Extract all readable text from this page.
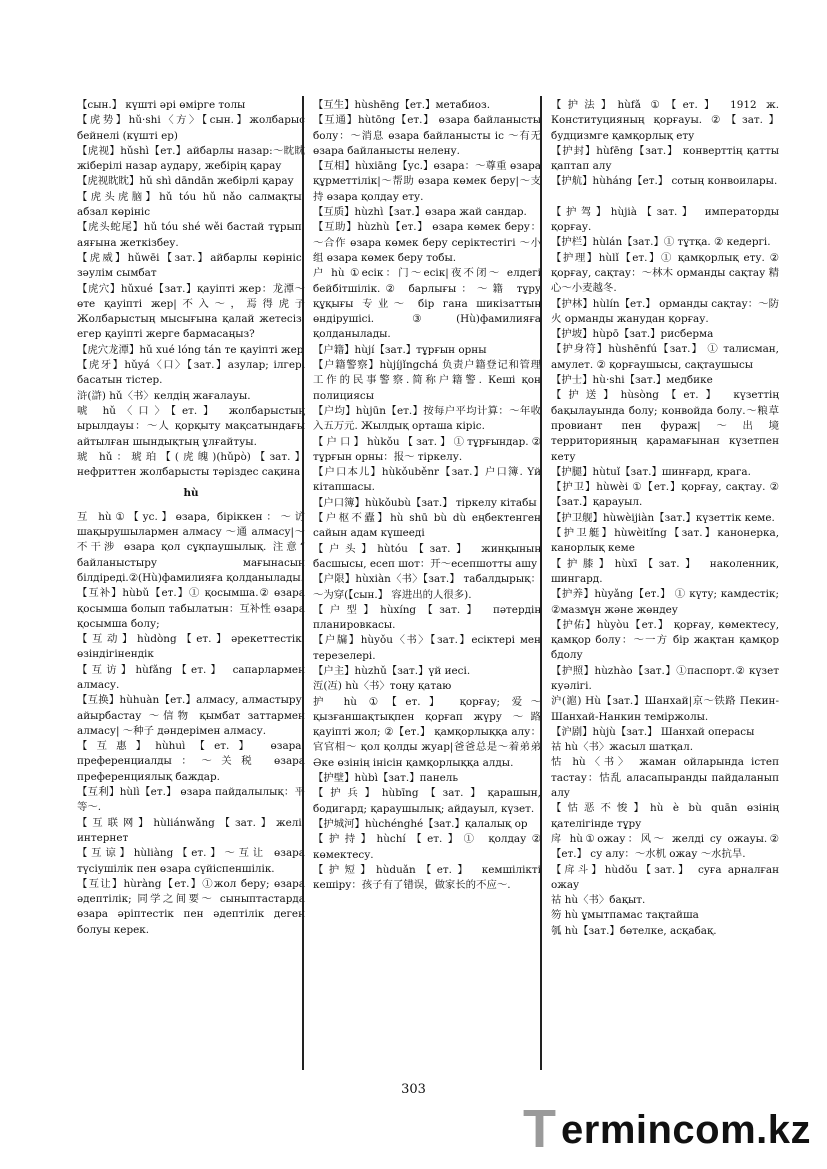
【сын.】 күшті әрі өмірге толы

【虎势】hǔ·shi〈方〉【сын.】жолбарыс бейнелі (күшті ер)

【虎视】hǔshì【ет.】айбарлы назар:～眈眈 жіберілі назар аудару, жебірің қарау

【虎视眈眈】hǔ shì dāndān жебірлі қарау

【虎头虎脑】hǔ tóu hǔ nǎo салмақты, абзал көрініс

【虎头蛇尾】hǔ tóu shé wěi бастай тұрып, аяғына жеткізбеу.

【虎威】hǔwēi【зат.】айбарлы көрініс, зәулім сымбат

【虎穴】hǔxué【зат.】қауіпті жер：龙潭～ өте қауіпті жер|不入～，焉得虎子 Жолбарыстың мысығына қалай жетесіз, егер қауіпті жерге бармасаңыз?

【虎穴龙潭】hǔ xué lóng tán те қауіпті жер

【虎牙】hǔyá〈口〉【зат.】азулар; ілгері басатын тістер.

浒(滸) hǔ〈书〉келдің жағалауы.

唬 hǔ〈口〉【ет.】 жолбарыстың ырылдауы：～人 қорқыту мақсатындағы айтылған шындықтың ұлғайтуы.

琥 hǔ：琥珀【(虎魄)(hǔpò)【зат.】нефриттен жолбарысты тәріздес сақина

hù

互 hù①【ус.】өзара, біріккен：～访 шақырушылармен алмасу ～通 алмасу|～不干涉 өзара қол сұқпаушылық. 注意“ байланыстыру мағынасын білдіреді.②(Hù)фамилияға қолданылады.

【互补】hùbǔ【ет.】① қосымша.② өзара қосымша болып табылатын：互补性 өзара қосымша болу;

【互动】hùdòng【ет.】әрекеттестік, өзіндігінендік

【互访】hùfǎng【ет.】 сапарлармен алмасу.

【互换】hùhuàn【ет.】алмасу, алмастыру, айырбастау ～信物 қымбат заттармен алмасу| ～种子 дәндерімен алмасу.

【互惠】hùhuì【ет.】 өзара; преференциалды：～关税 өзара преференциялық баждар.

【互利】hùlì【ет.】 өзара пайдалылық：平等～.

【互联网】hùliánwǎng【зат.】желі, интернет

【互谅】hùliàng【ет.】～互让 өзара түсіушілік пен өзара сүйіспеншілік.

【互让】hùràng【ет.】①жол беру; өзара әдептілік; 同学之间要～ сыныптастарда өзара әріптестік пен әдептілік деген болуы керек.

【互生】hùshēng【ет.】метабиоз.

【互通】hùtōng【ет.】 өзара байланысты болу：～消息 өзара байланысты іс ～有无 өзара байланысты нелену.

【互相】hùxiāng【ус.】өзара：～尊重 өзара құрметтілік|～帮助 өзара көмек беру|～支持 өзара қолдау ету.

【互质】hùzhì【зат.】өзара жай сандар.

【互助】hùzhù【ет.】 өзара көмек беру：～合作 өзара көмек беру серіктестігі ～小组 өзара көмек беру тобы.

户 hù ①есік：门～есік|夜不闭～ елдегі бейбітшілік.② барлығы：～籍 тұру құқығы 专业～ бір гана шикізаттың өндірушісі. ③(Hù)фамилияға қолданылады.

【户籍】hùjí【зат.】тұрғын орны

【户籍警察】hùjíjǐngchá 负责户籍登记和管理工作的民事警察.简称户籍警. Кеші қон полициясы

【户均】hùjūn【ет.】按每户平均计算：～年收入五万元. Жылдық орташа кіріс.

【户口】hùkǒu【зат.】①тұрғындар.② тұрғын орны：报～ тіркелу.

【户口本儿】hùkǒuběnr【зат.】户口簿. Үй кітапшасы.

【户口簿】hùkǒubù【зат.】 тіркелу кітабы

【户枢不蠹】hù shū bù dù еңбектенген сайын адам күшееді

【户头】hùtóu【зат.】 жинқының басшысы, есеп шот：开～есепшотты ашу

【户限】hùxiàn〈书〉【зат.】 табалдырық：～为穿(【сын.】 容进出的人很多).

【户型】hùxíng【зат.】 пәтердің планировкасы.

【户牖】hùyǒu〈书〉【зат.】есіктері мен терезелері.

【户主】hùzhǔ【зат.】үй иесі.

沍(冱) hù〈书〉тоңу қатаю

护 hù ①【ет.】 қорғау; 爱～ қызғаншақтықпен қорғап жүру ～路 қауіпті жол; ②【ет.】 қамқорлыққа алу：官官相～ қол қолды жуар|爸爸总是～着弟弟 Әке өзінің інісін қамқорлыққа алды.

【护壁】hùbì【зат.】панель

【护兵】hùbīng【зат.】қарашын, бодигард; қараушылық; айдауыл, күзет.

【护城河】hùchénghé【зат.】қалалық ор

【护持】hùchí【ет.】① қолдау② көмектесу.

【护短】hùduǎn【ет.】 кемшілікті кешіру：孩子有了错误，做家长的不应～.

【护法】hùfǎ ①【ет.】 1912 ж. Конституцияның қорғауы. ②【зат.】будцизмге қамқорлық ету

【护封】hùfēng【зат.】 конверттің қатты қаптап алу

【护航】hùháng【ет.】 сотың конвоилары.

【护驾】hùjià【зат.】 императорды қорғау.

【护栏】hùlán【зат.】① тұтқа. ② кедергі.

【护理】hùlǐ【ет.】① қамқорлық ету. ② қорғау, сақтау：～林木 орманды сақтау 精心～小麦越冬.

【护林】hùlín【ет.】 орманды сақтау：～防火 орманды жанудан қорғау.

【护坡】hùpō【зат.】рисберма

【护身符】hùshēnfú【зат.】 ① талисман, амулет. ② қорғаушысы, сақтаушысы

【护士】hù·shi【зат.】медбике

【护送】hùsòng【ет.】 күзеттің бақылауында болу; конвойда болу.～粮草 провиант пен фураж|～出境 территорияның қарамағынан күзетпен кету

【护腿】hùtuǐ【зат.】шинғард, крага.

【护卫】hùwèi ①【ет.】қорғау, сақтау. ②【зат.】қарауыл.

【护卫舰】hùwèijiàn【зат.】күзеттік кеме.

【护卫艇】hùwèitǐng【зат.】канонерка, канорлық кеме

【护膝】hùxī【зат.】 наколенник, шингард.

【护养】hùyǎng【ет.】 ① күту; камдестік; ②мазмұн және жөндеу

【护佑】hùyòu【ет.】 қорғау, көмектесу, қамқор болу：～一方 бір жақтан қамқор бдолу

【护照】hùzhào【зат.】①паспорт.② күзет куәлігі.

沪(滬) Hù【зат.】Шанхай|京～铁路 Пекин-Шанхай-Нанкин теміржолы.

【沪剧】hùjù【зат.】 Шанхай операсы

祜 hù〈书〉жасыл шатқал.

怙 hù〈书〉 жаман ойларында істеп тастау：怙乱 аласапыранды пайдаланып алу

【怙恶不悛】hù è bù quān өзінің қателігінде тұру

戽 hù①ожау：风～ желді су ожауы.②【ет.】 су алу：～水机 ожау ～水抗旱.

【戽斗】hùdǒu【зат.】 суға арналған ожау

祜 hù〈书〉бақыт.

笏 hù ұмытпамас тақтайша

瓠 hù【зат.】бөтелке, асқабақ.

303
T ermincom.kz
